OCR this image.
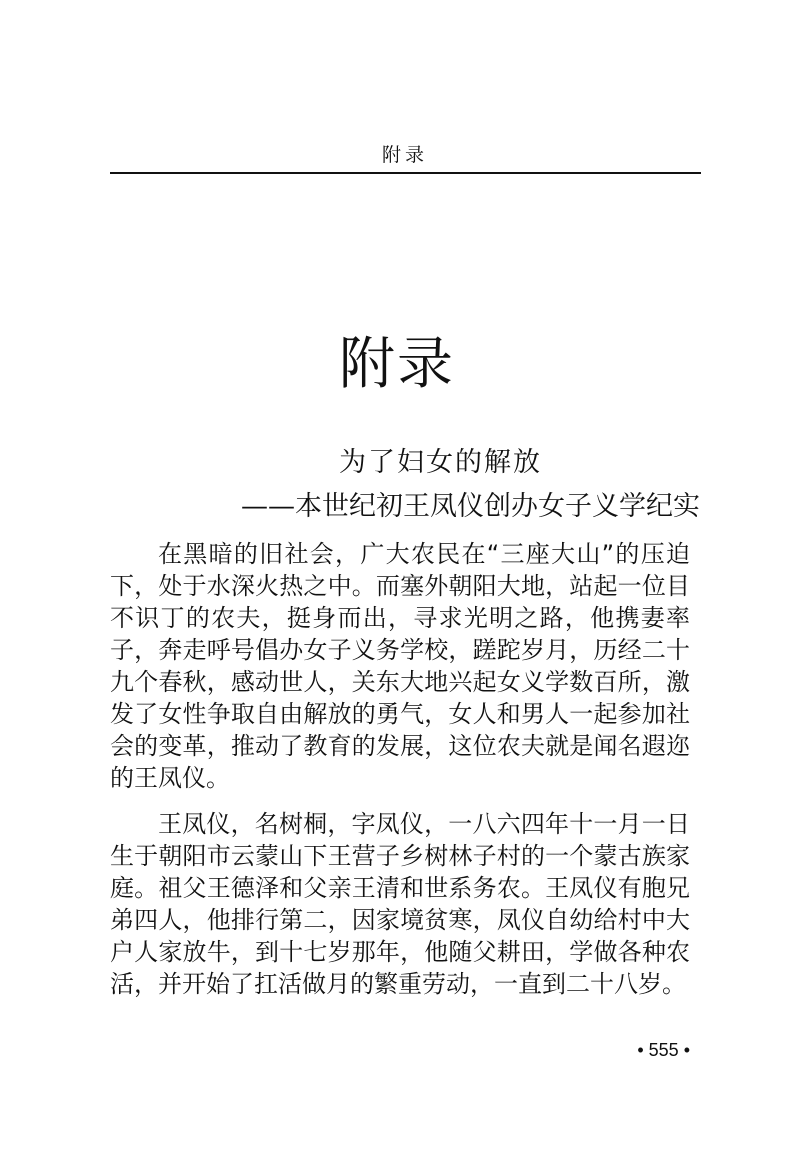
附录
附录
为了妇女的解放
——本世纪初王凤仪创办女子义学纪实

在黑暗的旧社会，广大农民在“三座大山”的压迫下，处于水深火热之中。而塞外朝阳大地，站起一位目不识丁的农夫，挺身而出，寻求光明之路，他携妻率子，奔走呼号倡办女子义务学校，蹉跎岁月，历经二十九个春秋，感动世人，关东大地兴起女义学数百所，激发了女性争取自由解放的勇气，女人和男人一起参加社会的变革，推动了教育的发展，这位农夫就是闻名遐迩的王凤仪。

王凤仪，名树桐，字凤仪，一八六四年十一月一日生于朝阳市云蒙山下王营子乡树林子村的一个蒙古族家庭。祖父王德泽和父亲王清和世系务农。王凤仪有胞兄弟四人，他排行第二，因家境贫寒，凤仪自幼给村中大户人家放牛，到十七岁那年，他随父耕田，学做各种农活，并开始了扛活做月的繁重劳动，一直到二十八岁。

• 555 •
